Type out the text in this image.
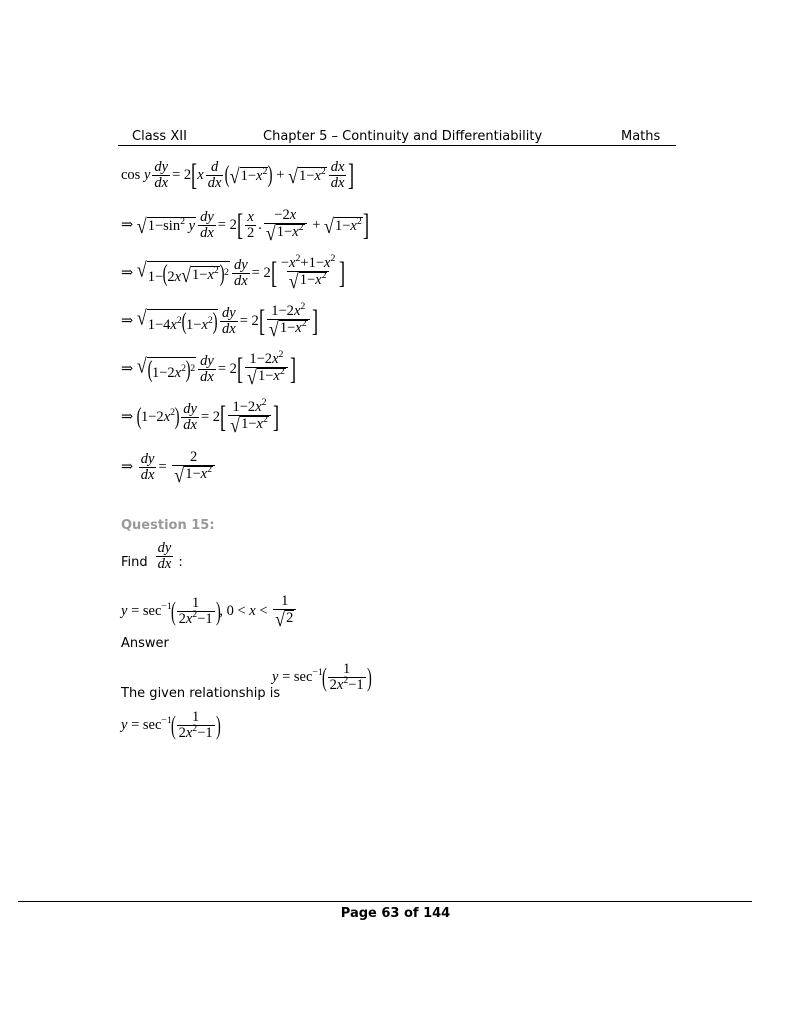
Class XII	Chapter 5 – Continuity and Differentiability	Maths
cos y $\frac{dy}{dx} = 2$ [ x $\frac{d}{dx}$ ( √ $1-x^2$ ) + √ $1-x^2 \frac{dx}{dx}$ ]
⇒ √ $1-\sin^2$ y $\frac{dy}{dx} = 2$ [ $\frac{x}{2}$ . $\frac{-2x}{√ 1-x^2}$ + √ $1-x^2$ ]
⇒ √ 1−(2x √ $1-x^2$ )$^2 \frac{dy}{dx} = 2$ [ $\frac{-x^2+1-x^2}{√ 1-x^2}$ ]
⇒ √ $1-4x^2(1-x^2) \frac{dy}{dx} = 2$ [ $\frac{1-2x^2}{√ 1-x^2}$ ]
⇒ √ $(1-2x^2)^2 \frac{dy}{dx} = 2$ [ $\frac{1-2x^2}{√ 1-x^2}$ ]
⇒ ( $1-2x^2$ ) $\frac{dy}{dx} = 2$ [ $\frac{1-2x^2}{√ 1-x^2}$ ]
⇒ $\frac{dy}{dx} = \frac{2}{√ 1-x^2}$
Question 15:
Find $\frac{dy}{dx}$ :
$y = \sec^{-1}$
( $\frac{1}{2x^2-1}$ )
, $0 < x < \frac{1}{√ 2}$
Answer
$y = \sec^{-1}$
( $\frac{1}{2x^2-1}$ )
The given relationship is
$y = \sec^{-1}$
( $\frac{1}{2x^2-1}$ )
Page 63 of 144
